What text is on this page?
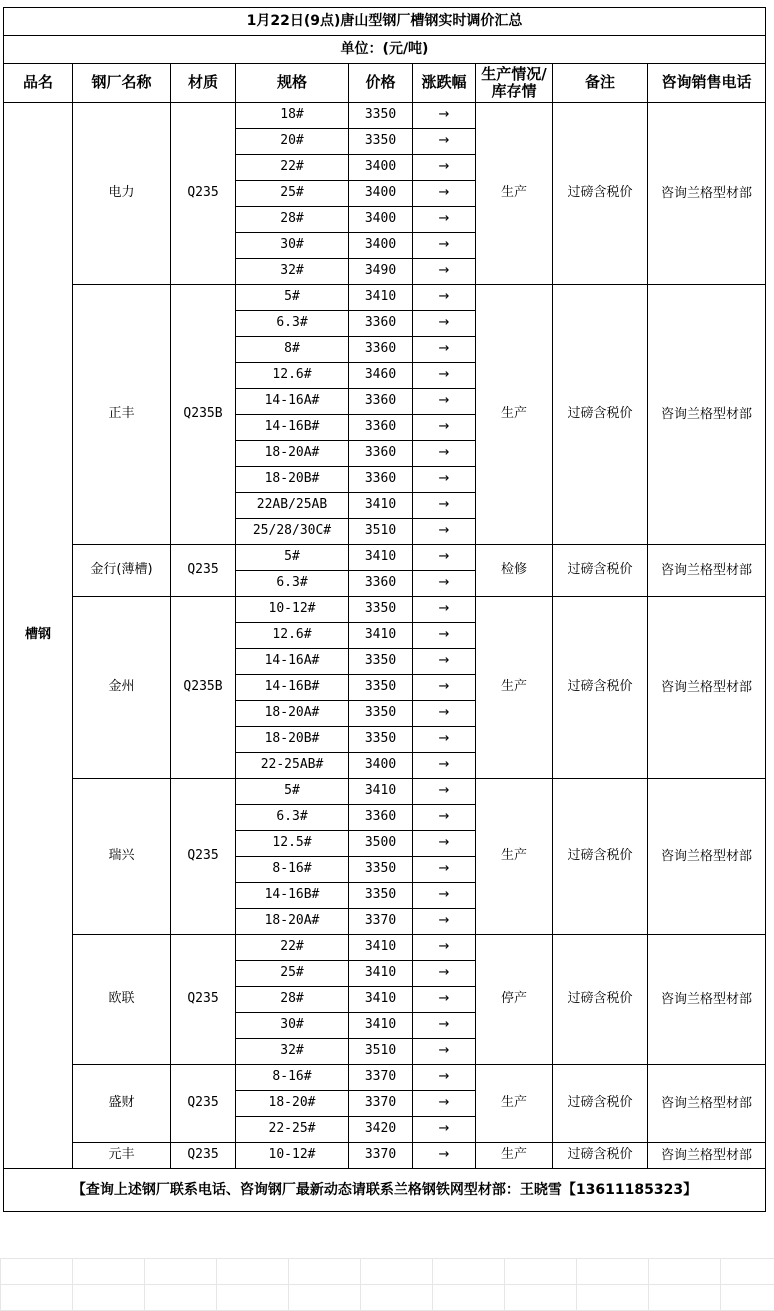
1月22日(9点)唐山型钢厂槽钢实时调价汇总								
单位：(元/吨)								
品名	钢厂名称	材质	规格	价格	涨跌幅	生产情况/库存情	备注	咨询销售电话
槽钢	电力	Q235	18#	3350	→	生产	过磅含税价	咨询兰格型材部
			20#	3350	→			
			22#	3400	→			
			25#	3400	→			
			28#	3400	→			
			30#	3400	→			
			32#	3490	→			
	正丰	Q235B	5#	3410	→	生产	过磅含税价	咨询兰格型材部
			6.3#	3360	→			
			8#	3360	→			
			12.6#	3460	→			
			14-16A#	3360	→			
			14-16B#	3360	→			
			18-20A#	3360	→			
			18-20B#	3360	→			
			22AB/25AB	3410	→			
			25/28/30C#	3510	→			
	金行(薄槽)	Q235	5#	3410	→	检修	过磅含税价	咨询兰格型材部
			6.3#	3360	→			
	金州	Q235B	10-12#	3350	→	生产	过磅含税价	咨询兰格型材部
			12.6#	3410	→			
			14-16A#	3350	→			
			14-16B#	3350	→			
			18-20A#	3350	→			
			18-20B#	3350	→			
			22-25AB#	3400	→			
	瑞兴	Q235	5#	3410	→	生产	过磅含税价	咨询兰格型材部
			6.3#	3360	→			
			12.5#	3500	→			
			8-16#	3350	→			
			14-16B#	3350	→			
			18-20A#	3370	→			
	欧联	Q235	22#	3410	→	停产	过磅含税价	咨询兰格型材部
			25#	3410	→			
			28#	3410	→			
			30#	3410	→			
			32#	3510	→			
	盛财	Q235	8-16#	3370	→	生产	过磅含税价	咨询兰格型材部
			18-20#	3370	→			
			22-25#	3420	→			
	元丰	Q235	10-12#	3370	→	生产	过磅含税价	咨询兰格型材部
【查询上述钢厂联系电话、咨询钢厂最新动态请联系兰格钢铁网型材部：王晓雪【13611185323】								
